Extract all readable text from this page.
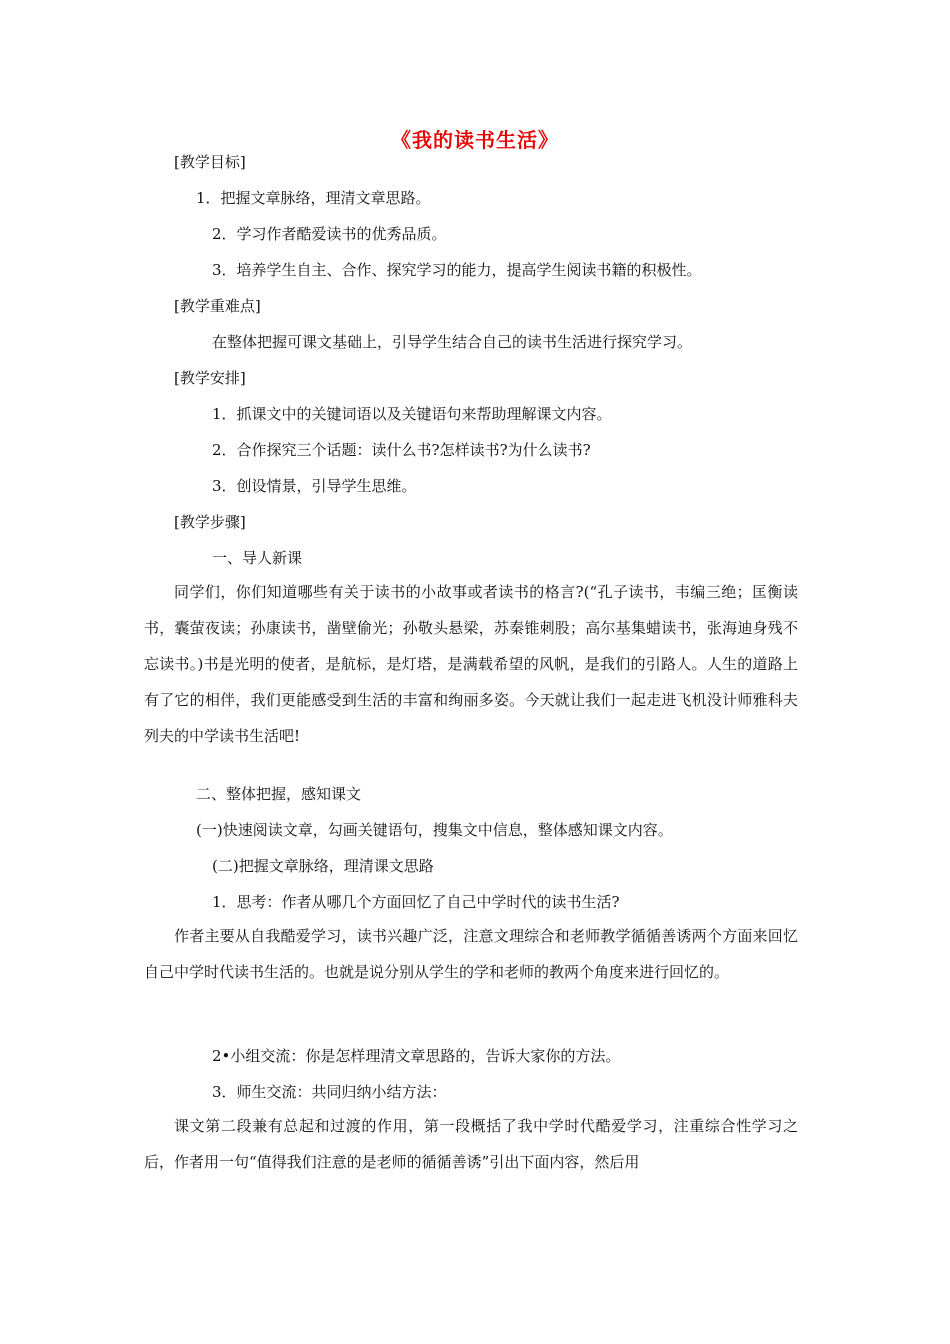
《我的读书生活》
[教学目标]
1．把握文章脉络，理清文章思路。
2．学习作者酷爱读书的优秀品质。
3．培养学生自主、合作、探究学习的能力，提高学生阅读书籍的积极性。
[教学重难点]
在整体把握可课文基础上，引导学生结合自己的读书生活进行探究学习。
[教学安排]
1．抓课文中的关键词语以及关键语句来帮助理解课文内容。
2．合作探究三个话题：读什么书?怎样读书?为什么读书?
3．创设情景，引导学生思维。
[教学步骤]
一、导人新课
同学们，你们知道哪些有关于读书的小故事或者读书的格言?(“孔子读书，韦编三绝；匡衡读书，囊萤夜读；孙康读书，凿壁偷光；孙敬头悬梁，苏秦锥刺股；高尔基集蜡读书，张海迪身残不忘读书。)书是光明的使者，是航标，是灯塔，是满载希望的风帆，是我们的引路人。人生的道路上有了它的相伴，我们更能感受到生活的丰富和绚丽多姿。今天就让我们一起走进飞机没计师雅科夫列夫的中学读书生活吧!
二、整体把握，感知课文
(一)快速阅读文章，勾画关键语句，搜集文中信息，整体感知课文内容。
(二)把握文章脉络，理清课文思路
1．思考：作者从哪几个方面回忆了自己中学时代的读书生活?
作者主要从自我酷爱学习，读书兴趣广泛，注意文理综合和老师教学循循善诱两个方面来回忆自己中学时代读书生活的。也就是说分别从学生的学和老师的教两个角度来进行回忆的。
2•小组交流：你是怎样理清文章思路的，告诉大家你的方法。
3．师生交流：共同归纳小结方法：
课文第二段兼有总起和过渡的作用，第一段概括了我中学时代酷爱学习，注重综合性学习之后，作者用一句“值得我们注意的是老师的循循善诱”引出下面内容，然后用
